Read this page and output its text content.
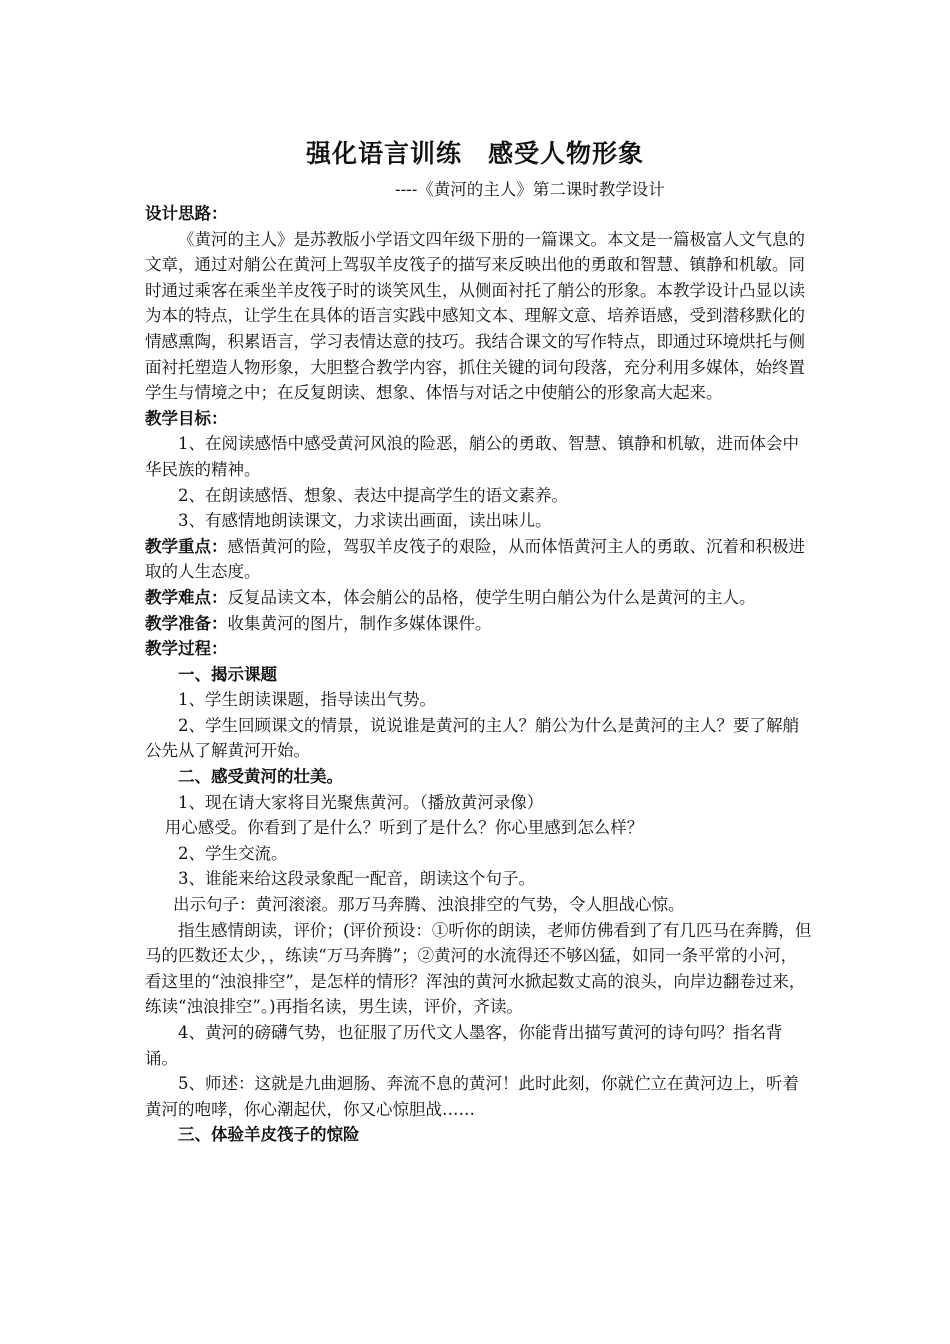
强化语言训练　感受人物形象
----《黄河的主人》第二课时教学设计

设计思路：

《黄河的主人》是苏教版小学语文四年级下册的一篇课文。本文是一篇极富人文气息的文章，通过对艄公在黄河上驾驭羊皮筏子的描写来反映出他的勇敢和智慧、镇静和机敏。同时通过乘客在乘坐羊皮筏子时的谈笑风生，从侧面衬托了艄公的形象。本教学设计凸显以读为本的特点，让学生在具体的语言实践中感知文本、理解文意、培养语感，受到潜移默化的情感熏陶，积累语言，学习表情达意的技巧。我结合课文的写作特点，即通过环境烘托与侧面衬托塑造人物形象，大胆整合教学内容，抓住关键的词句段落，充分利用多媒体，始终置学生与情境之中；在反复朗读、想象、体悟与对话之中使艄公的形象高大起来。

教学目标：

1、在阅读感悟中感受黄河风浪的险恶，艄公的勇敢、智慧、镇静和机敏，进而体会中华民族的精神。

2、在朗读感悟、想象、表达中提高学生的语文素养。

3、有感情地朗读课文，力求读出画面，读出味儿。

教学重点：感悟黄河的险，驾驭羊皮筏子的艰险，从而体悟黄河主人的勇敢、沉着和积极进取的人生态度。

教学难点：反复品读文本，体会艄公的品格，使学生明白艄公为什么是黄河的主人。

教学准备：收集黄河的图片，制作多媒体课件。

教学过程：

一、揭示课题

1、学生朗读课题，指导读出气势。

2、学生回顾课文的情景，说说谁是黄河的主人？艄公为什么是黄河的主人？要了解艄公先从了解黄河开始。

二、感受黄河的壮美。

1、现在请大家将目光聚焦黄河。（播放黄河录像）

用心感受。你看到了是什么？听到了是什么？你心里感到怎么样？

2、学生交流。

3、谁能来给这段录象配一配音，朗读这个句子。

出示句子：黄河滚滚。那万马奔腾、浊浪排空的气势，令人胆战心惊。

指生感情朗读，评价；(评价预设：①听你的朗读，老师仿佛看到了有几匹马在奔腾，但马的匹数还太少，，练读“万马奔腾”；②黄河的水流得还不够凶猛，如同一条平常的小河，看这里的“浊浪排空”，是怎样的情形？浑浊的黄河水掀起数丈高的浪头，向岸边翻卷过来，练读“浊浪排空”。)再指名读，男生读，评价，齐读。

4、黄河的磅礴气势，也征服了历代文人墨客，你能背出描写黄河的诗句吗？指名背诵。

5、师述：这就是九曲迴肠、奔流不息的黄河！此时此刻，你就伫立在黄河边上，听着黄河的咆哮，你心潮起伏，你又心惊胆战……

三、体验羊皮筏子的惊险
